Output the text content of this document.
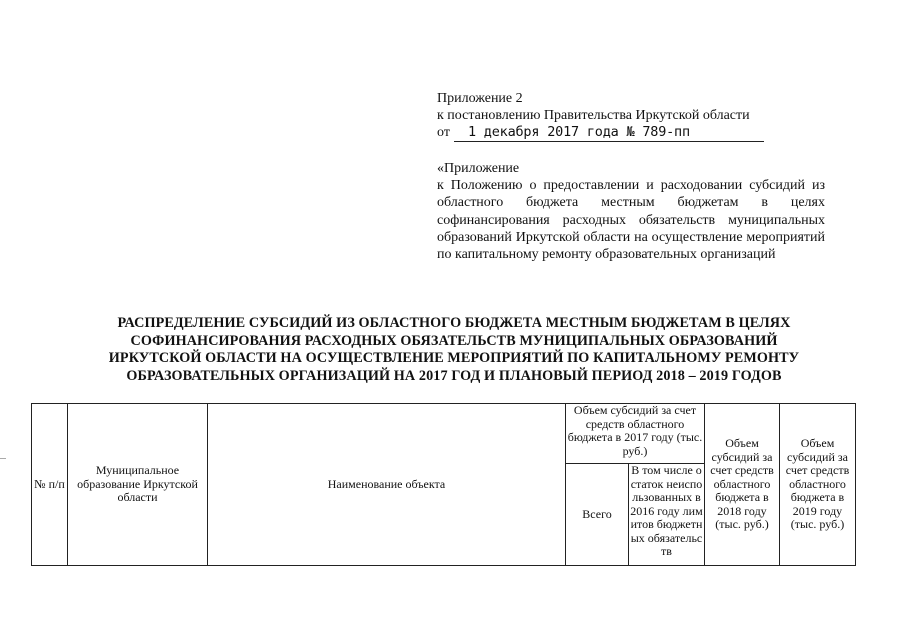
Приложение 2
к постановлению Правительства Иркутской области
от 1 декабря 2017 года № 789-пп
«Приложение
к Положению о предоставлении и расходовании субсидий из областного бюджета местным бюджетам в целях софинансирования расходных обязательств муниципальных образований Иркутской области на осуществление мероприятий по капитальному ремонту образовательных организаций
РАСПРЕДЕЛЕНИЕ СУБСИДИЙ ИЗ ОБЛАСТНОГО БЮДЖЕТА МЕСТНЫМ БЮДЖЕТАМ В ЦЕЛЯХ
СОФИНАНСИРОВАНИЯ РАСХОДНЫХ ОБЯЗАТЕЛЬСТВ МУНИЦИПАЛЬНЫХ ОБРАЗОВАНИЙ
ИРКУТСКОЙ ОБЛАСТИ НА ОСУЩЕСТВЛЕНИЕ МЕРОПРИЯТИЙ ПО КАПИТАЛЬНОМУ РЕМОНТУ
ОБРАЗОВАТЕЛЬНЫХ ОРГАНИЗАЦИЙ НА 2017 ГОД И ПЛАНОВЫЙ ПЕРИОД 2018 – 2019 ГОДОВ
№ п/п	Муниципальное образование Иркутской области	Наименование объекта	Объем субсидий за счет средств областного бюджета в 2017 году (тыс. руб.)		Объем субсидий за счет средств областного бюджета в 2018 году (тыс. руб.)	Объем субсидий за счет средств областного бюджета в 2019 году (тыс. руб.)
			Всего	В том числе остаток неиспользованных в 2016 году лимитов бюджетных обязательств		
